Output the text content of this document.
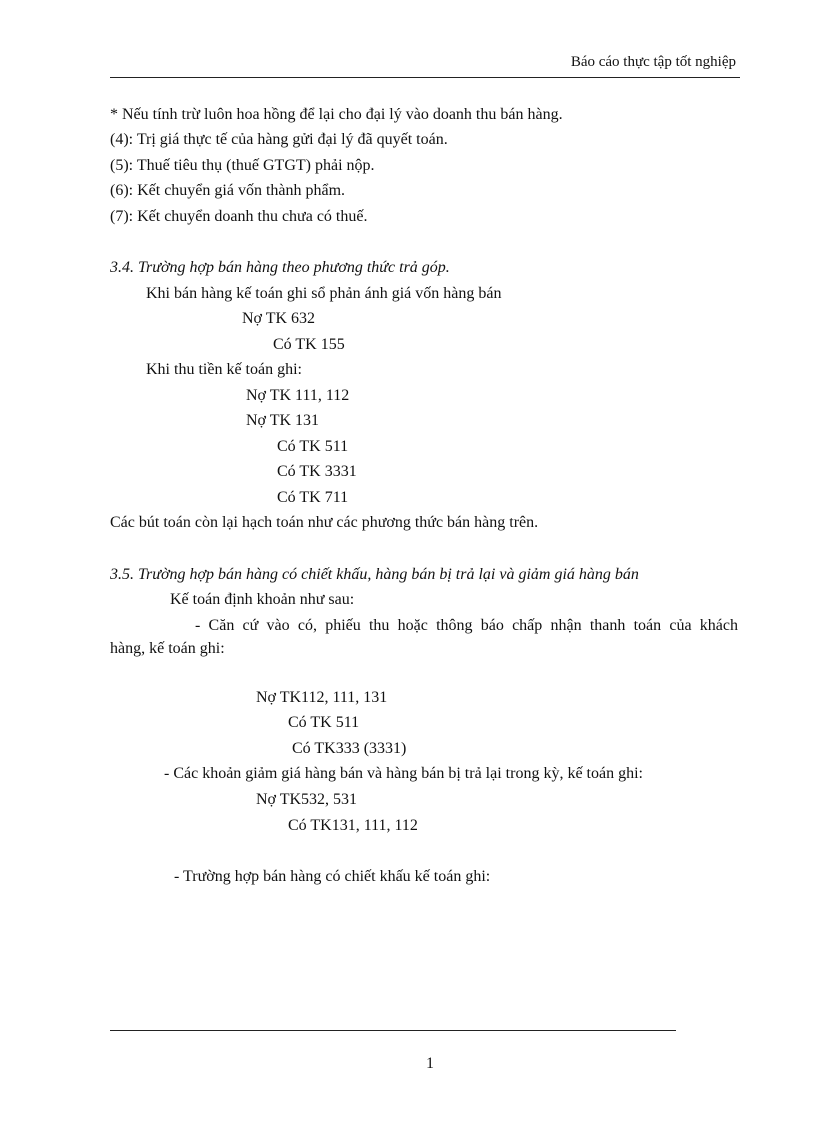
Báo cáo thực tập tốt nghiệp
* Nếu tính trừ luôn hoa hồng để lại cho đại lý vào doanh thu bán hàng.
(4): Trị giá thực tế của hàng gửi đại lý đã quyết toán.
(5): Thuế tiêu thụ (thuế GTGT) phải nộp.
(6): Kết chuyển giá vốn thành phẩm.
(7): Kết chuyển doanh thu chưa có thuế.
3.4. Trường hợp bán hàng theo phương thức trả góp.
Khi bán hàng kế toán ghi sổ phản ánh giá vốn hàng bán
Nợ TK 632
Có TK 155
Khi thu tiền kế toán ghi:
Nợ TK 111, 112
Nợ TK 131
Có TK 511
Có TK 3331
Có TK 711
Các bút toán còn lại hạch toán như các phương thức bán hàng trên.
3.5. Trường hợp bán hàng có chiết khấu, hàng bán bị trả lại và giảm giá hàng bán
Kế toán định khoản như sau:
- Căn cứ vào có, phiếu thu hoặc thông báo chấp nhận thanh toán của khách
hàng, kế toán ghi:
Nợ TK112, 111, 131
Có TK 511
Có TK333 (3331)
- Các khoản giảm giá hàng bán và hàng bán bị trả lại trong kỳ, kế toán ghi:
Nợ TK532, 531
Có TK131, 111, 112
- Trường hợp bán hàng có chiết khấu kế toán ghi:
1
